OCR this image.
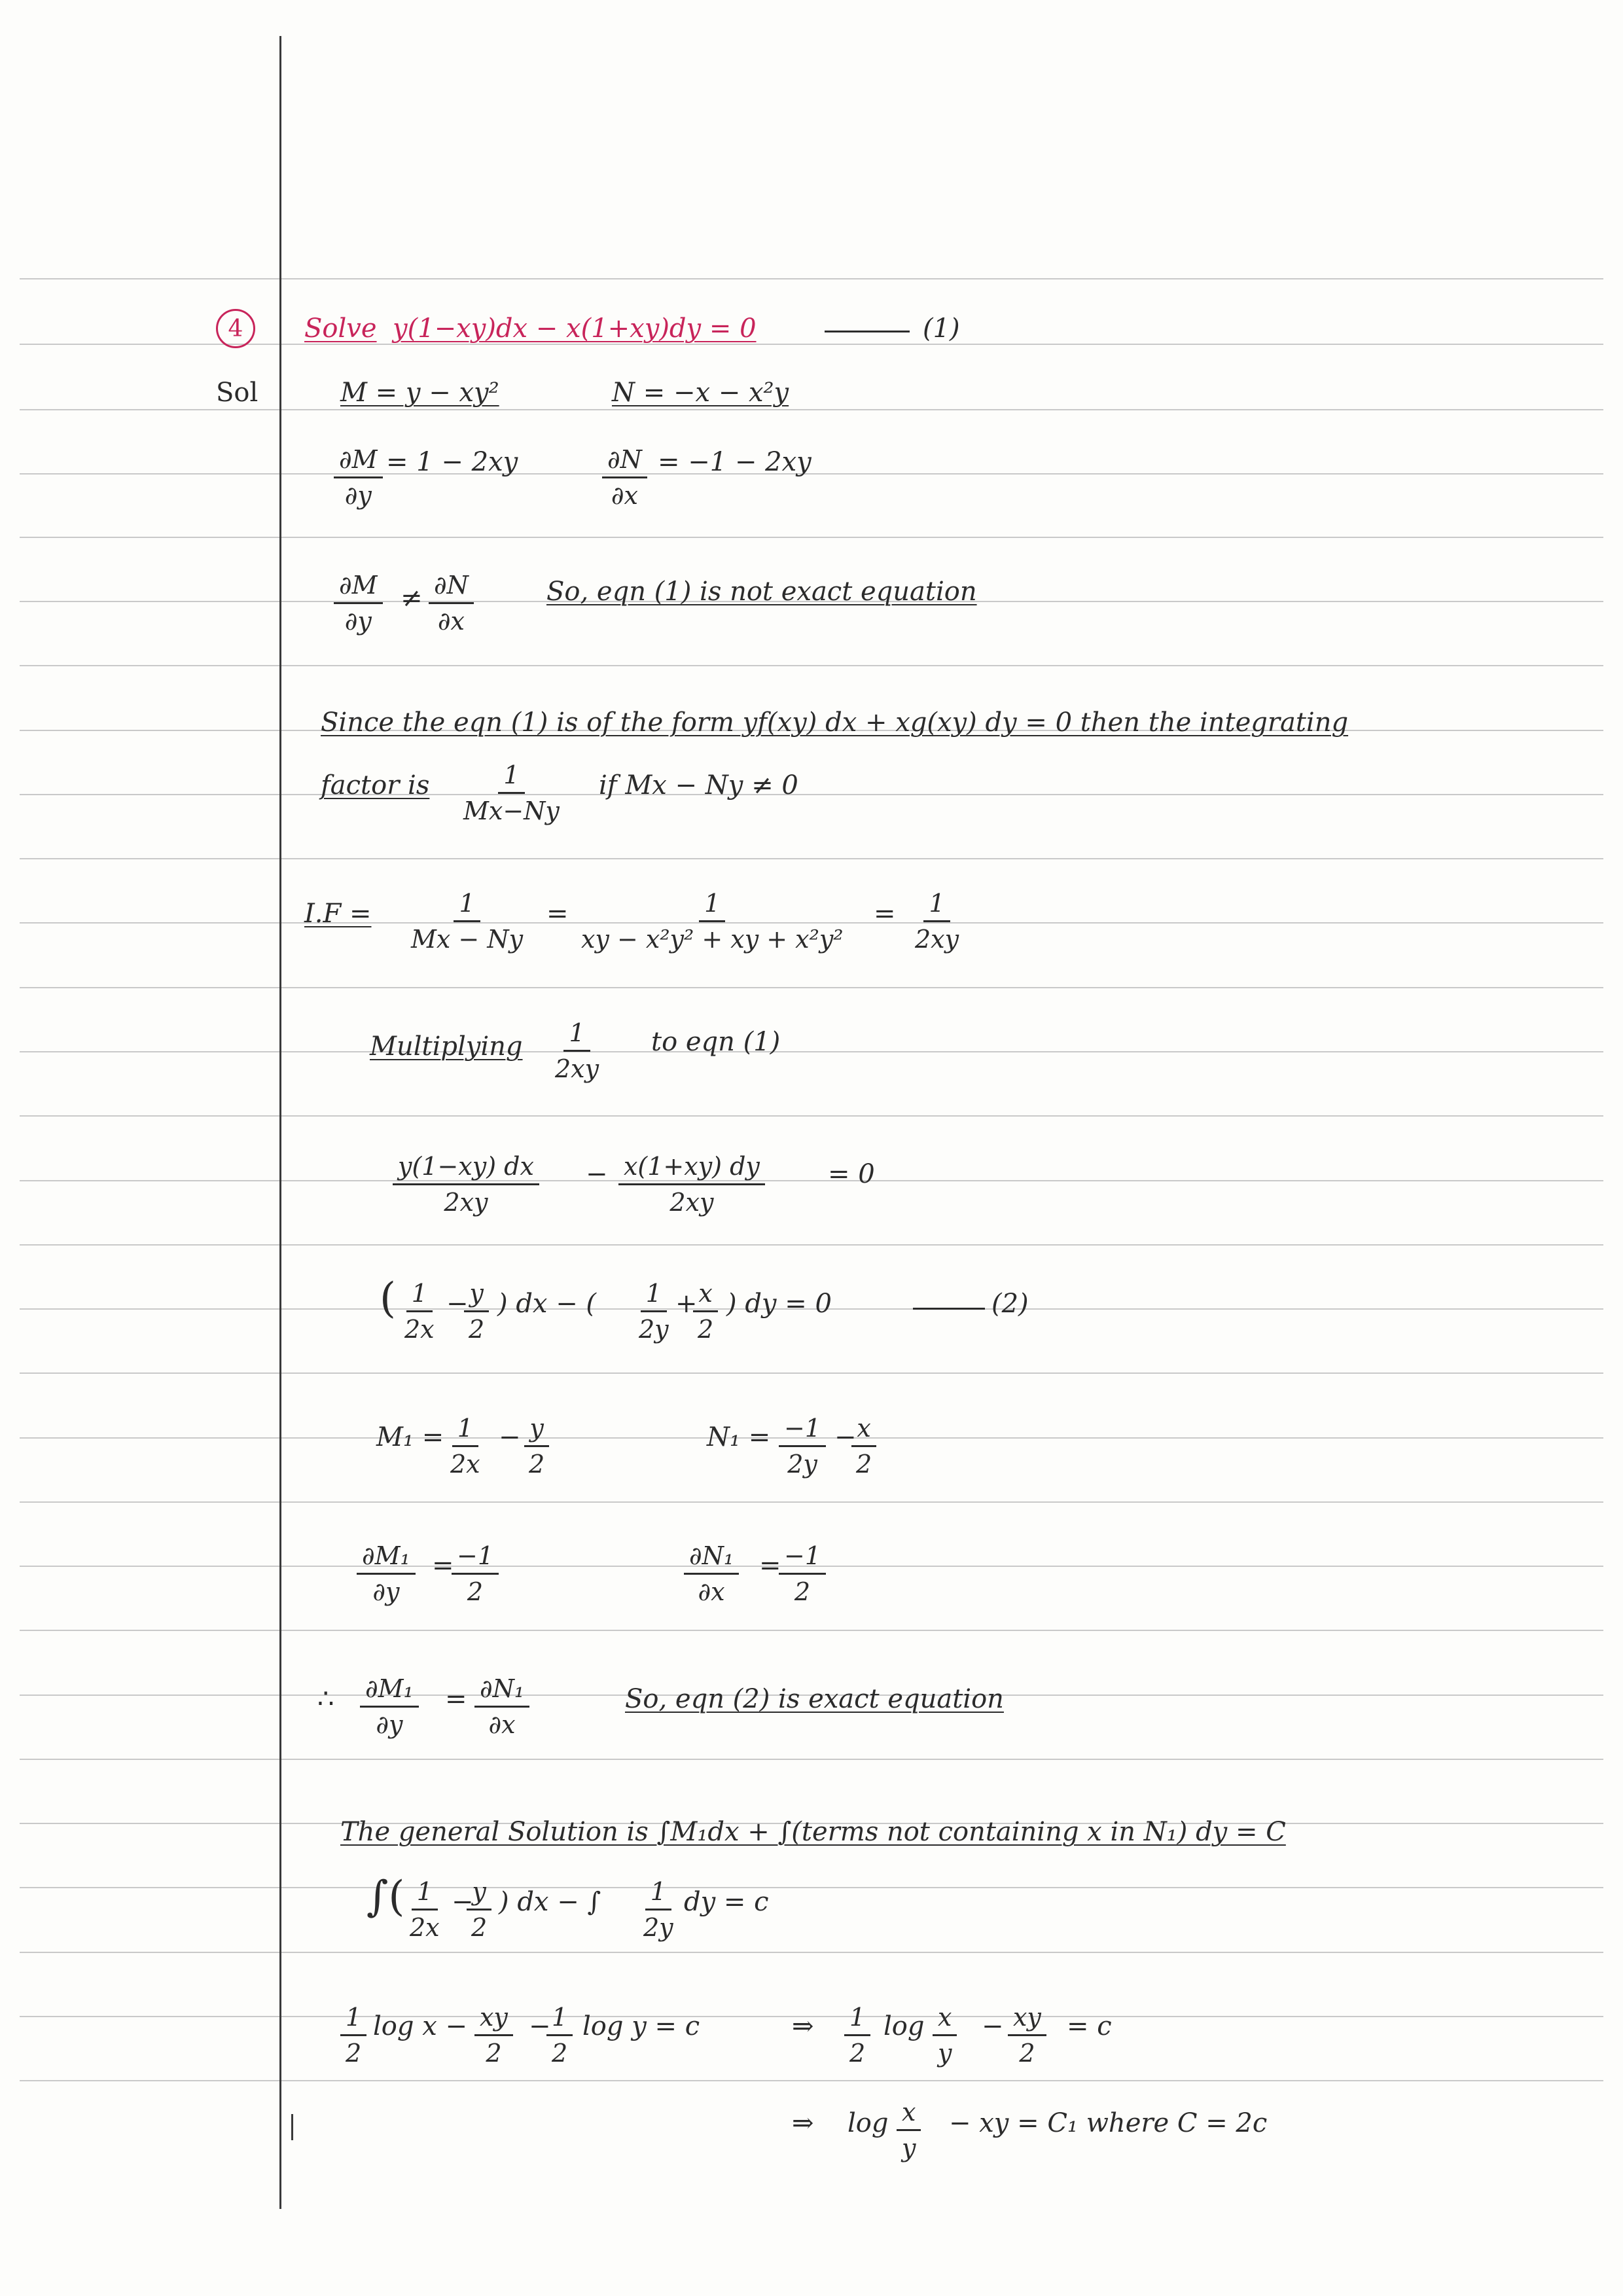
4	Solve y(1−xy)dx − x(1+xy)dy = 0	(1)
Sol	M = y − xy²	N = −x − x²y
$\frac{\partial M}{\partial y} = 1 - 2xy$	$\frac{\partial N}{\partial x} = -1 - 2xy$
$\frac{\partial M}{\partial y} \ne \frac{\partial N}{\partial x}$	So, eqn (1) is not exact equation
Since the eqn (1) is of the form yf(xy) dx + xg(xy) dy = 0 then the integrating
factor is $\frac{1}{Mx-Ny}$ if Mx − Ny ≠ 0
$I.F = \frac{1}{Mx - Ny} = \frac{1}{\text{xy − x²y² + xy + x²y²}} = \frac{1}{2xy}$
Multiplying $\frac{1}{2xy}$ to eqn (1)
$\frac{y(1-xy) dx}{2xy} - \frac{x(1+xy) dy}{2xy} = 0$
( $\frac{1}{2x}$ −
$\frac{y}{2}$ ) dx − ( $\frac{1}{2y}$ +
$\frac{x}{2}$ ) dy = 0	(2)
$M_1 = \frac{1}{2x} - \frac{y}{2}$	$N_1 = \frac{-1}{2y}$ −
$\frac{x}{2}$
$\frac{\text{∂M₁}}{\partial y}$ =
$\frac{-1}{2}$	$\frac{\text{∂N₁}}{\partial x}$ =
$\frac{-1}{2}$
∴ $\frac{\text{∂M₁}}{\partial y} = \frac{\text{∂N₁}}{\partial x}$	So, eqn (2) is exact equation
The general Solution is ∫M₁dx + ∫(terms not containing x in N₁) dy = C
∫( $\frac{1}{2x}$ −
$\frac{y}{2}$ ) dx − ∫ $\frac{1}{2y}$ dy = c
$\frac{1}{2}$ $\log x - \frac{xy}{2}$ −
$\frac{1}{2}$ log y = c	⇒ $\frac{1}{2}$ $\log \frac{x}{y} - \frac{xy}{2} = c$
⇒ $\log \frac{x}{y}$ − xy = C₁ where C = 2c
